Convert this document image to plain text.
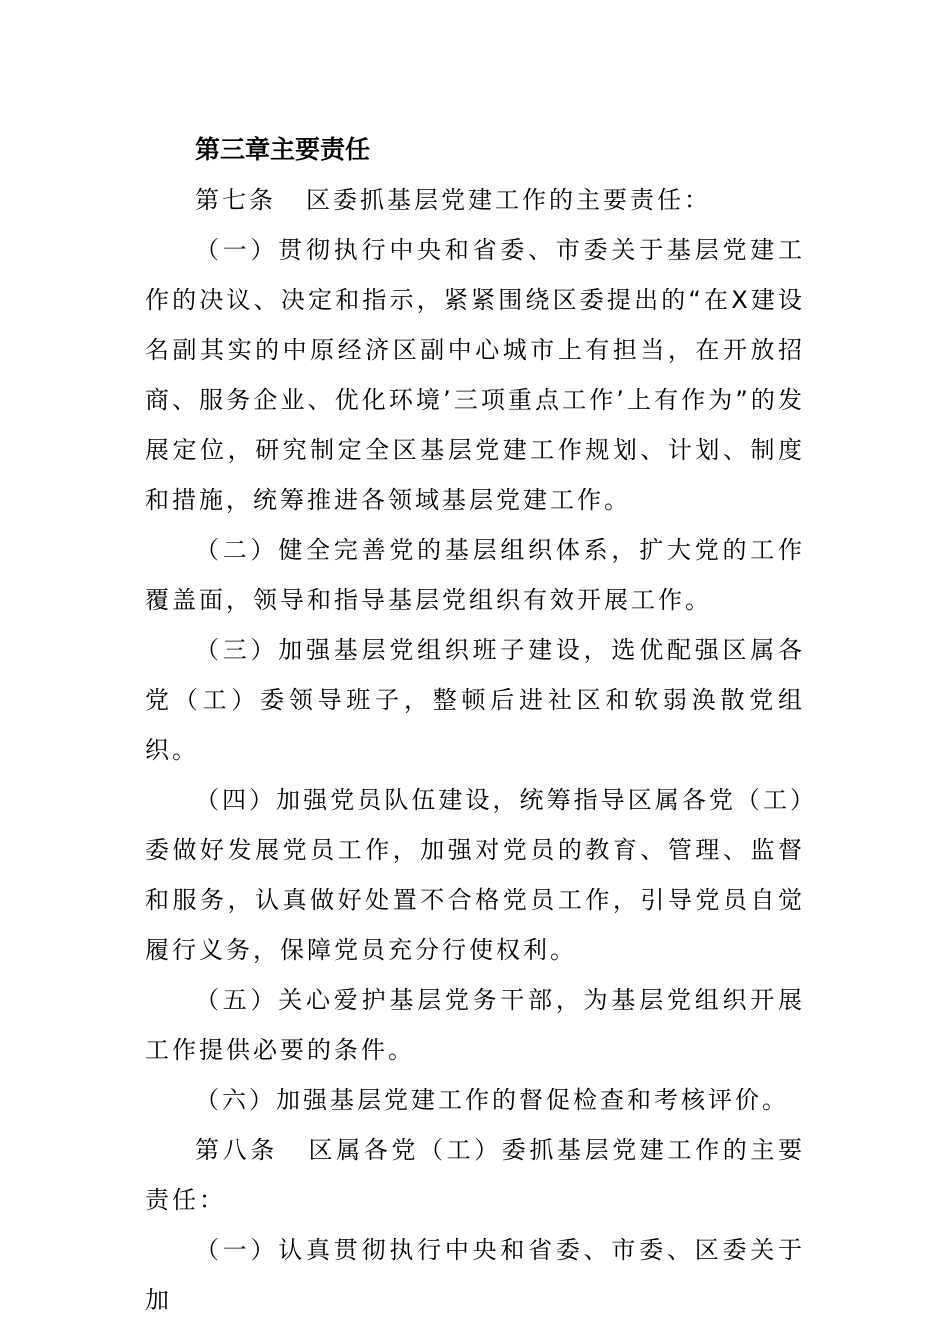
第三章主要责任

第七条 区委抓基层党建工作的主要责任：

（一）贯彻执行中央和省委、市委关于基层党建工作的决议、决定和指示，紧紧围绕区委提出的“在X建设名副其实的中原经济区副中心城市上有担当，在开放招商、服务企业、优化环境’三项重点工作’上有作为”的发展定位，研究制定全区基层党建工作规划、计划、制度和措施，统筹推进各领域基层党建工作。

（二）健全完善党的基层组织体系，扩大党的工作覆盖面，领导和指导基层党组织有效开展工作。

（三）加强基层党组织班子建设，选优配强区属各党（工）委领导班子，整顿后进社区和软弱涣散党组织。

（四）加强党员队伍建设，统筹指导区属各党（工）委做好发展党员工作，加强对党员的教育、管理、监督和服务，认真做好处置不合格党员工作，引导党员自觉履行义务，保障党员充分行使权利。

（五）关心爱护基层党务干部，为基层党组织开展工作提供必要的条件。

（六）加强基层党建工作的督促检查和考核评价。

第八条 区属各党（工）委抓基层党建工作的主要责任：

（一）认真贯彻执行中央和省委、市委、区委关于加
